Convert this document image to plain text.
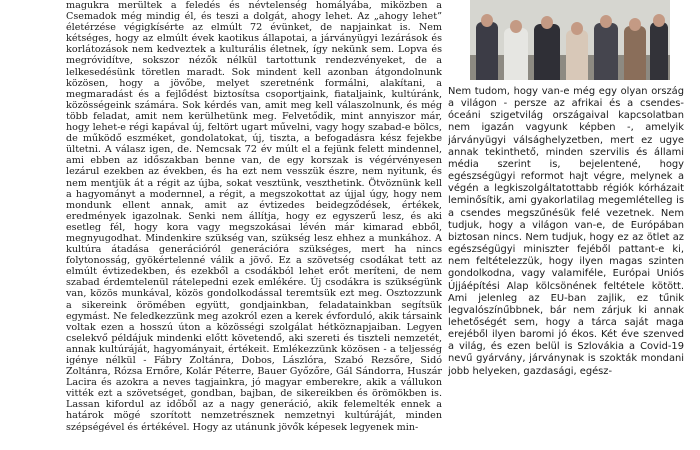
magukra merültek a feledés és névtelenség homályába, miközben a Csemadok még mindig él, és teszi a dolgát, ahogy lehet. Az „ahogy lehet” életérzése végigkísérte az elmúlt 72 évünket, de napjainkat is. Nem kétséges, hogy az elmúlt évek kaotikus állapotai, a járványügyi lezárások és korlátozások nem kedveztek a kulturális életnek, így nekünk sem. Lopva és megróvidítve, sokszor nézők nélkül tartottunk rendezvényeket, de a lelkesedésünk töretlen maradt. Sok mindent kell azonban átgondolnunk közösen, hogy a jövőbe, melyet szeretnénk formálni, alakítani, a megmaradást és a fejlődést biztosítsa csoportjaink, fiataljaink, kultúránk, közösségeink számára. Sok kérdés van, amit meg kell válaszolnunk, és még több feladat, amit nem kerülhetünk meg. Felvetődik, mint annyiszor már, hogy lehet-e régi kapával új, feltört ugart művelni, vagy hogy szabad-e bölcs, de működő eszméket, gondolatokat, új, tiszta, a befogadásra kész fejekbe ültetni. A válasz igen, de. Nemcsak 72 év múlt el a fejünk felett mindennel, ami ebben az időszakban benne van, de egy korszak is végérvényesen lezárul ezekben az években, és ha ezt nem vesszük észre, nem nyitunk, és nem mentjük át a régit az újba, sokat vesztünk, veszthetink. Ötvöznünk kell a hagyományt a modernnel, a régit, a megszokottat az újjal úgy, hogy nem mondunk ellent annak, amit az évtizedes beidegződések, értékek, eredmények igazolnak. Senki nem állítja, hogy ez egyszerű lesz, és aki esetleg fél, hogy kora vagy megszokásai lévén már kimarad ebből, megnyugodhat. Mindenkire szükség van, szükség lesz ehhez a munkához. A kultúra átadása generációról generációra szükséges, mert ha nincs folytonosság, gyökértelenné válik a jövő. Ez a szövetség csodákat tett az elmúlt évtizedekben, és ezekből a csodákból lehet erőt meríteni, de nem szabad érdemtelenül rátelepedni ezek emlékére. Új csodákra is szükségünk van, közös munkával, közös gondolkodással teremtsük ezt meg. Osztozzunk a sikereink örömében együtt, gondjainkban, feladatainkban segítsük egymást. Ne feledkezzünk meg azokról ezen a kerek évforduló, akik társaink voltak ezen a hosszú úton a közösségi szolgálat hétköznapjaiban. Legyen cselekvő példájuk mindenki előtt követendő, aki szereti és tiszteli nemzetét, annak kultúráját, hagyományait, értékeit. Emlékezzünk közösen - a teljesség igénye nélkül - Fábry Zoltánra, Dobos, Lászlóra, Szabó Rezsőre, Sidó Zoltánra, Rózsa Ernőre, Kolár Péterre, Bauer Győzőre, Gál Sándorra, Huszár Lacira és azokra a neves tagjainkra, jó magyar emberekre, akik a vállukon vitték ezt a szövetséget, gondban, bajban, de sikereikben és örömökben is. Lassan kifordul az időből az a nagy generáció, akik felemelték ennek a határok mögé szorított nemzetrésznek nemzetnyi kultúráját, minden szépségével és értékével. Hogy az utánunk jövők képesek legyenek min-

Nem tudom, hogy van-e még egy olyan ország a világon - persze az afrikai és a csendes-óceáni szigetvilág országaival kapcsolatban nem igazán vagyunk képben -, amelyik járványügyi válsághelyzetben, mert ez ugye annak tekinthető, minden szervilis és állami média szerint is, bejelentené, hogy egészségügyi reformot hajt végre, melynek a végén a legkiszolgáltatottabb régiók kórházait leminősítik, ami gyakorlatilag megemlételleg is a csendes megszűnésük felé vezetnek. Nem tudjuk, hogy a világon van-e, de Európában biztosan nincs. Nem tudjuk, hogy ez az ötlet az egészségügyi miniszter fejéből pattant-e ki, nem feltételezzük, hogy ilyen magas szinten gondolkodna, vagy valamiféle, Európai Uniós Újjáépítési Alap kölcsönének feltétele kötött. Ami jelenleg az EU-ban zajlik, ez tűnik legvalószínűbbnek, bár nem zárjuk ki annak lehetőségét sem, hogy a tárca saját maga erejéből ilyen baromi jó ékos. Két éve szenved a világ, és ezen belül is Szlovákia a Covid-19 nevű gyárvány, járványnak is szokták mondani jobb helyeken, gazdasági, egész-
